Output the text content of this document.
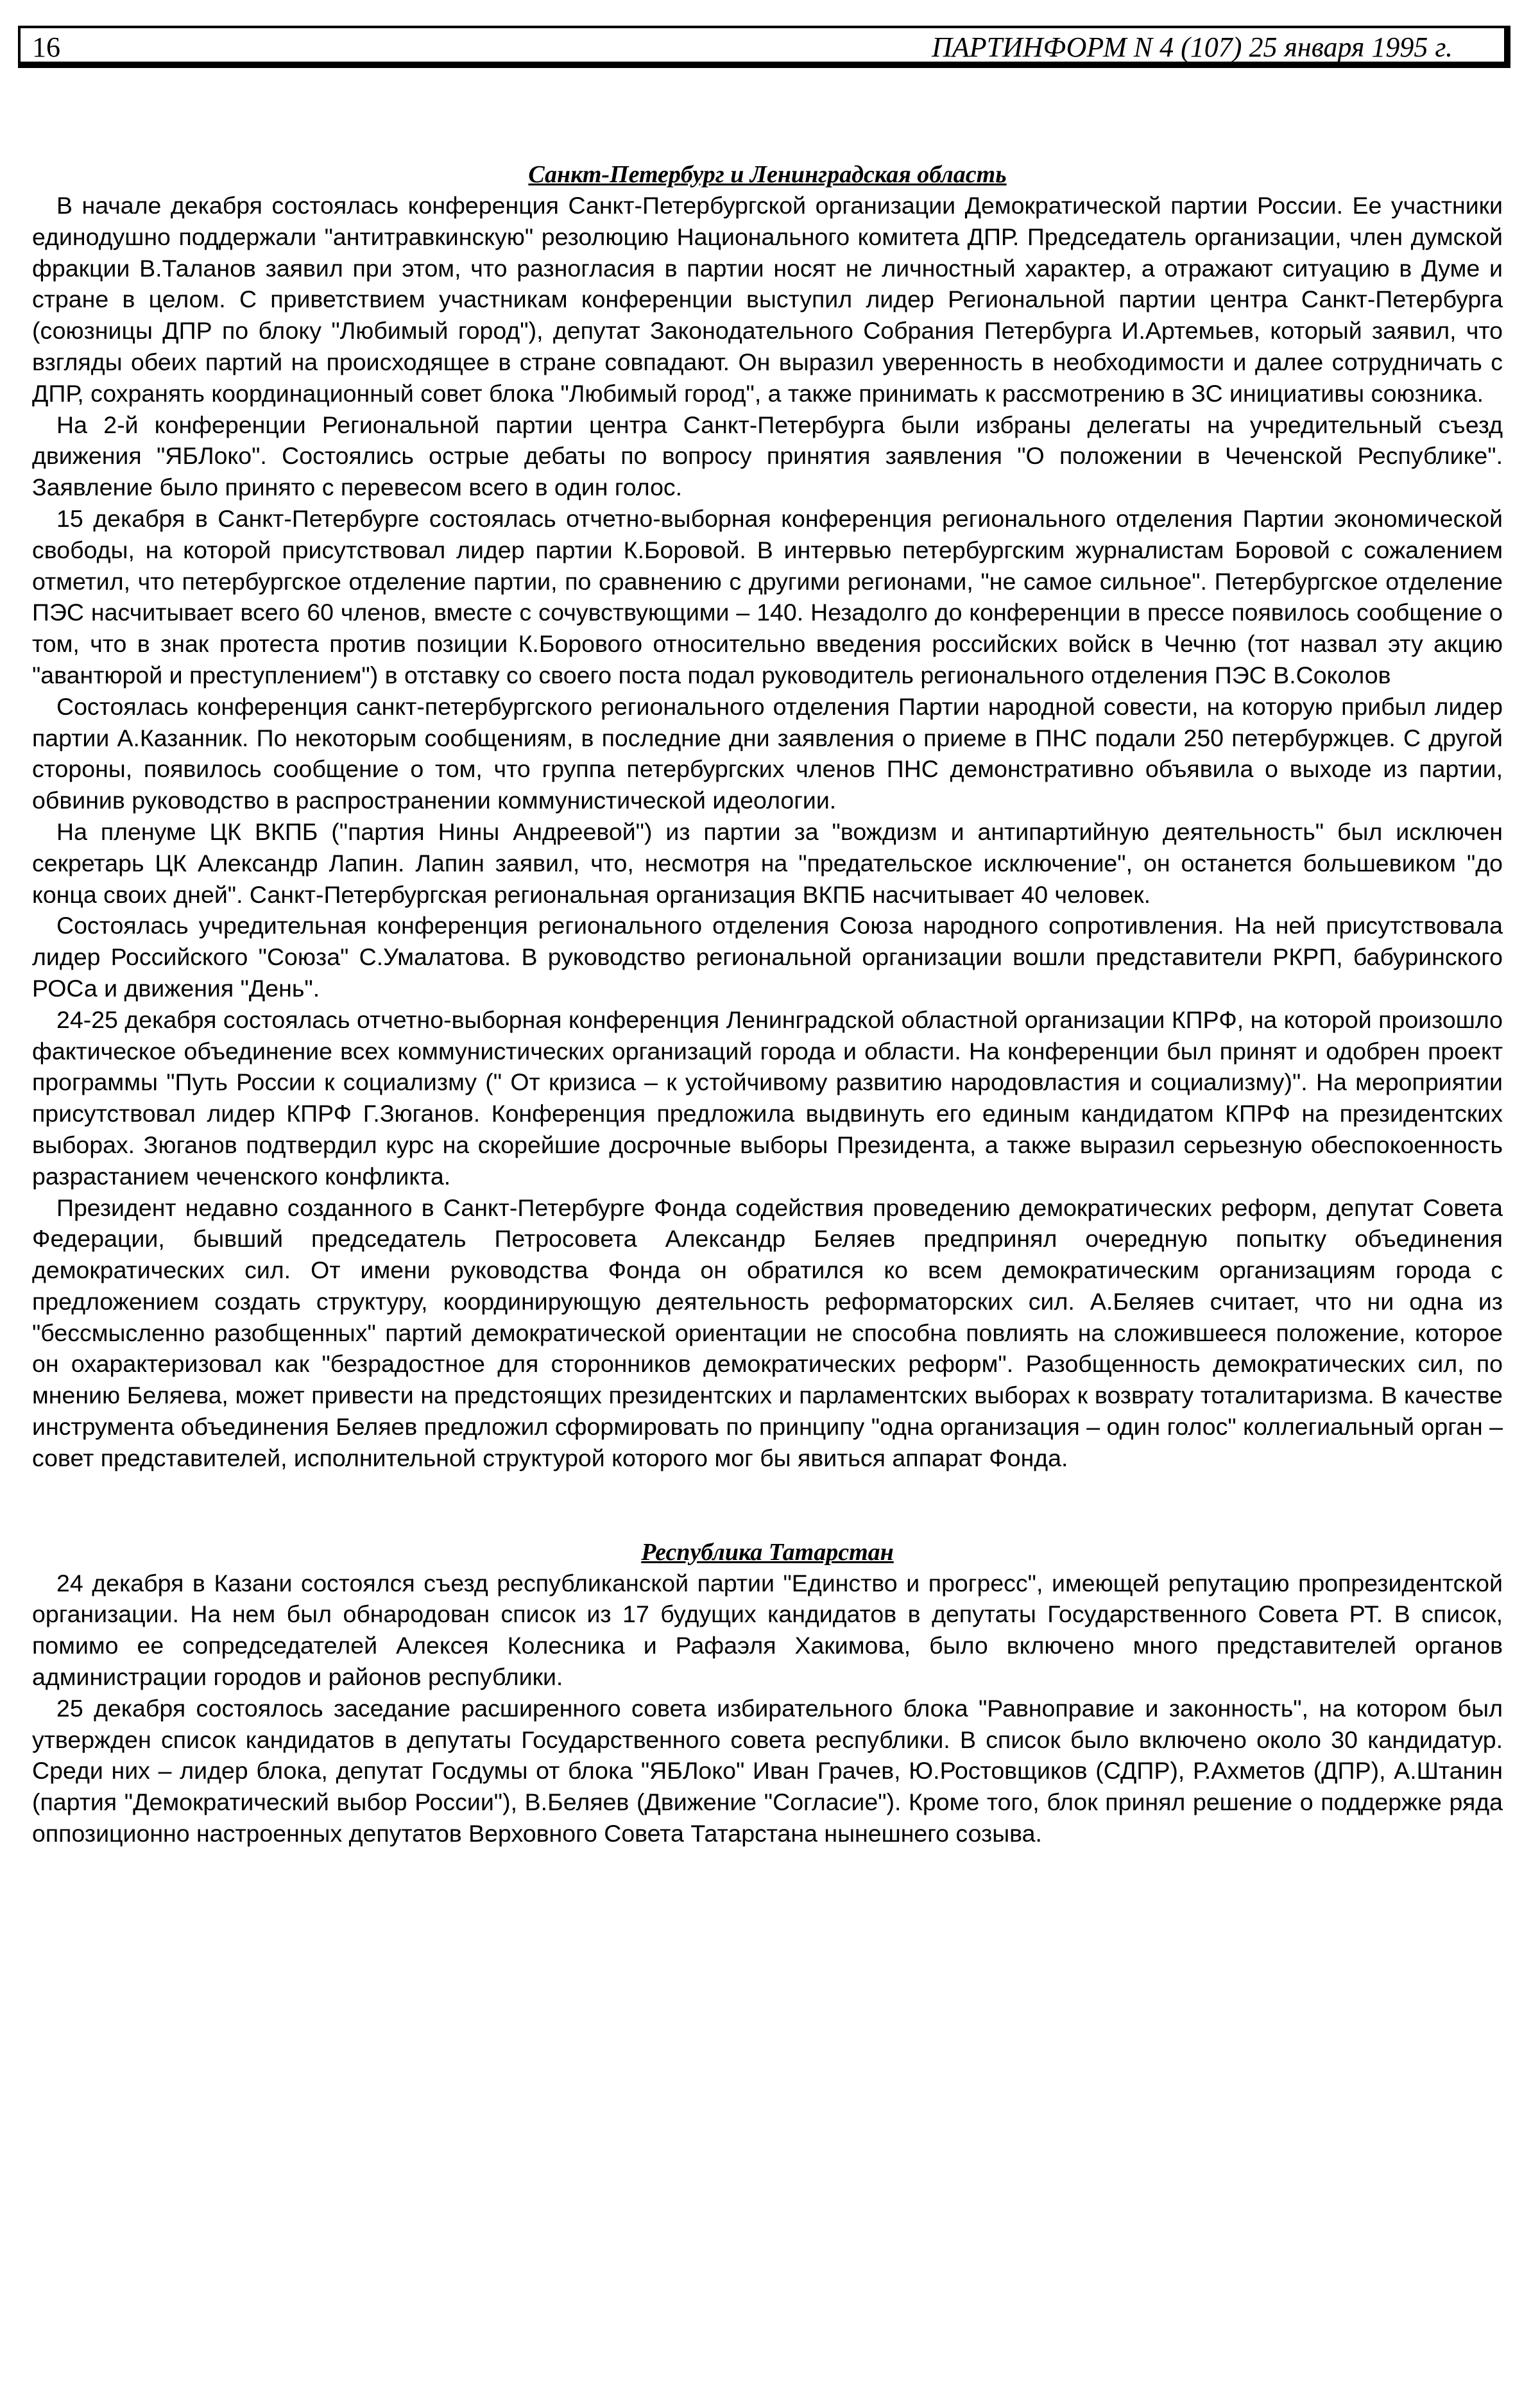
16	ПАРТИНФОРМ N 4 (107) 25 января 1995 г.
Санкт-Петербург и Ленинградская область

В начале декабря состоялась конференция Санкт-Петербургской организации Демократической партии России. Ее участники единодушно поддержали "антитравкинскую" резолюцию Национального комитета ДПР. Председатель организации, член думской фракции В.Таланов заявил при этом, что разногласия в партии носят не личностный характер, а отражают ситуацию в Думе и стране в целом. С приветствием участникам конференции выступил лидер Региональной партии центра Санкт-Петербурга (союзницы ДПР по блоку "Любимый город"), депутат Законодательного Собрания Петербурга И.Артемьев, который заявил, что взгляды обеих партий на происходящее в стране совпадают. Он выразил уверенность в необходимости и далее сотрудничать с ДПР, сохранять координационный совет блока "Любимый город", а также принимать к рассмотрению в ЗС инициативы союзника.

На 2-й конференции Региональной партии центра Санкт-Петербурга были избраны делегаты на учредительный съезд движения "ЯБЛоко". Состоялись острые дебаты по вопросу принятия заявления "О положении в Чеченской Республике". Заявление было принято с перевесом всего в один голос.

15 декабря в Санкт-Петербурге состоялась отчетно-выборная конференция регионального отделения Партии экономической свободы, на которой присутствовал лидер партии К.Боровой. В интервью петербургским журналистам Боровой с сожалением отметил, что петербургское отделение партии, по сравнению с другими регионами, "не самое сильное". Петербургское отделение ПЭС насчитывает всего 60 членов, вместе с сочувствующими – 140. Незадолго до конференции в прессе появилось сообщение о том, что в знак протеста против позиции К.Борового относительно введения российских войск в Чечню (тот назвал эту акцию "авантюрой и преступлением") в отставку со своего поста подал руководитель регионального отделения ПЭС В.Соколов

Состоялась конференция санкт-петербургского регионального отделения Партии народной совести, на которую прибыл лидер партии А.Казанник. По некоторым сообщениям, в последние дни заявления о приеме в ПНС подали 250 петербуржцев. С другой стороны, появилось сообщение о том, что группа петербургских членов ПНС демонстративно объявила о выходе из партии, обвинив руководство в распространении коммунистической идеологии.

На пленуме ЦК ВКПБ ("партия Нины Андреевой") из партии за "вождизм и антипартийную деятельность" был исключен секретарь ЦК Александр Лапин. Лапин заявил, что, несмотря на "предательское исключение", он останется большевиком "до конца своих дней". Санкт-Петербургская региональная организация ВКПБ насчитывает 40 человек.

Состоялась учредительная конференция регионального отделения Союза народного сопротивления. На ней присутствовала лидер Российского "Союза" С.Умалатова. В руководство региональной организации вошли представители РКРП, бабуринского РОСа и движения "День".

24-25 декабря состоялась отчетно-выборная конференция Ленинградской областной организации КПРФ, на которой произошло фактическое объединение всех коммунистических организаций города и области. На конференции был принят и одобрен проект программы "Путь России к социализму (" От кризиса – к устойчивому развитию народовластия и социализму)". На мероприятии присутствовал лидер КПРФ Г.Зюганов. Конференция предложила выдвинуть его единым кандидатом КПРФ на президентских выборах. Зюганов подтвердил курс на скорейшие досрочные выборы Президента, а также выразил серьезную обеспокоенность разрастанием чеченского конфликта.

Президент недавно созданного в Санкт-Петербурге Фонда содействия проведению демократических реформ, депутат Совета Федерации, бывший председатель Петросовета Александр Беляев предпринял очередную попытку объединения демократических сил. От имени руководства Фонда он обратился ко всем демократическим организациям города с предложением создать структуру, координирующую деятельность реформаторских сил. А.Беляев считает, что ни одна из "бессмысленно разобщенных" партий демократической ориентации не способна повлиять на сложившееся положение, которое он охарактеризовал как "безрадостное для сторонников демократических реформ". Разобщенность демократических сил, по мнению Беляева, может привести на предстоящих президентских и парламентских выборах к возврату тоталитаризма. В качестве инструмента объединения Беляев предложил сформировать по принципу "одна организация – один голос" коллегиальный орган – совет представителей, исполнительной структурой которого мог бы явиться аппарат Фонда.

Республика Татарстан

24 декабря в Казани состоялся съезд республиканской партии "Единство и прогресс", имеющей репутацию пропрезидентской организации. На нем был обнародован список из 17 будущих кандидатов в депутаты Государственного Совета РТ. В список, помимо ее сопредседателей Алексея Колесника и Рафаэля Хакимова, было включено много представителей органов администрации городов и районов республики.

25 декабря состоялось заседание расширенного совета избирательного блока "Равноправие и законность", на котором был утвержден список кандидатов в депутаты Государственного совета республики. В список было включено около 30 кандидатур. Среди них – лидер блока, депутат Госдумы от блока "ЯБЛоко" Иван Грачев, Ю.Ростовщиков (СДПР), Р.Ахметов (ДПР), А.Штанин (партия "Демократический выбор России"), В.Беляев (Движение "Согласие"). Кроме того, блок принял решение о поддержке ряда оппозиционно настроенных депутатов Верховного Совета Татарстана нынешнего созыва.
